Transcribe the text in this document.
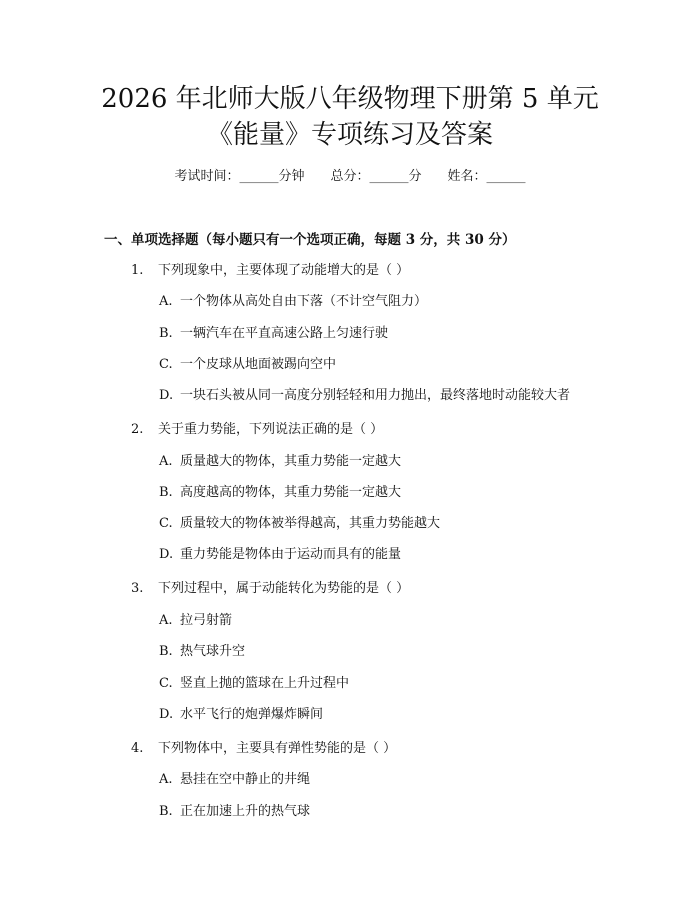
2026 年北师大版八年级物理下册第 5 单元
《能量》专项练习及答案
考试时间：______分钟 总分：______分 姓名：______
一、单项选择题（每小题只有一个选项正确，每题 3 分，共 30 分）
1. 下列现象中，主要体现了动能增大的是（ ）
A. 一个物体从高处自由下落（不计空气阻力）
B. 一辆汽车在平直高速公路上匀速行驶
C. 一个皮球从地面被踢向空中
D. 一块石头被从同一高度分别轻轻和用力抛出，最终落地时动能较大者
2. 关于重力势能，下列说法正确的是（ ）
A. 质量越大的物体，其重力势能一定越大
B. 高度越高的物体，其重力势能一定越大
C. 质量较大的物体被举得越高，其重力势能越大
D. 重力势能是物体由于运动而具有的能量
3. 下列过程中，属于动能转化为势能的是（ ）
A. 拉弓射箭
B. 热气球升空
C. 竖直上抛的篮球在上升过程中
D. 水平飞行的炮弹爆炸瞬间
4. 下列物体中，主要具有弹性势能的是（ ）
A. 悬挂在空中静止的井绳
B. 正在加速上升的热气球
